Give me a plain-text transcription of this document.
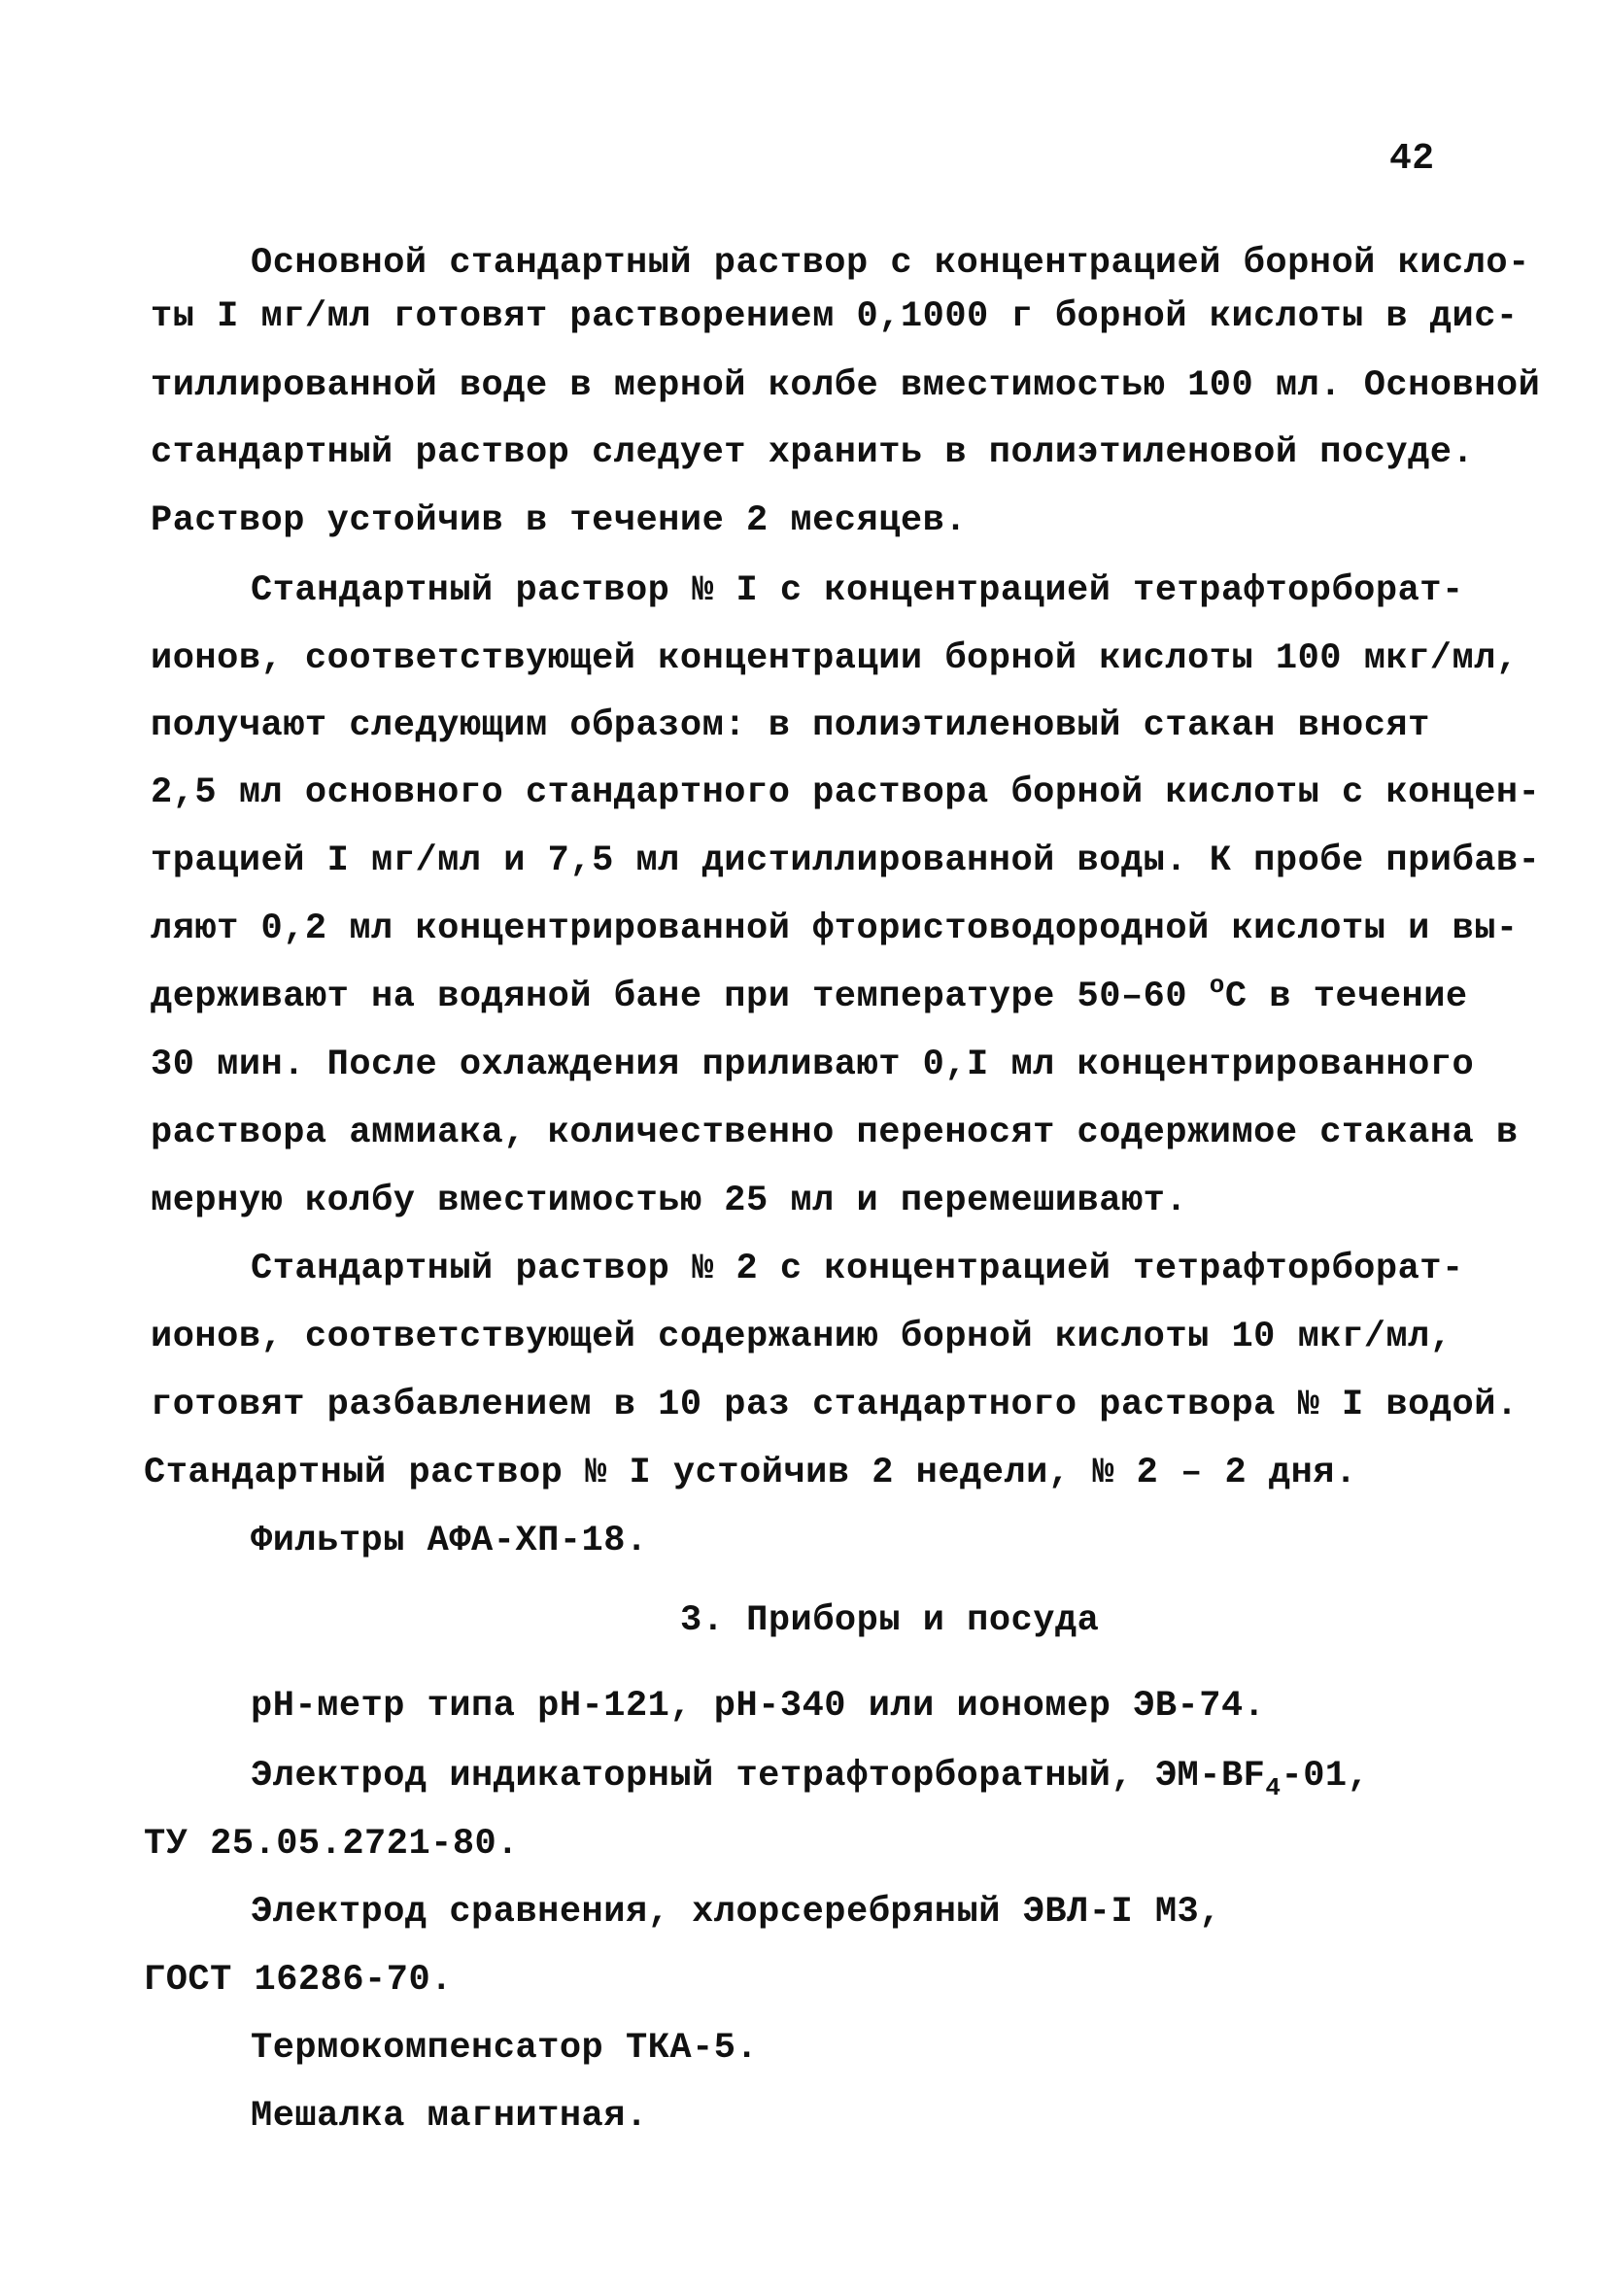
42
Основной стандартный раствор с концентрацией борной кисло-
ты I мг/мл готовят растворением 0,1000 г борной кислоты в дис-
тиллированной воде в мерной колбе вместимостью 100 мл. Основной
стандартный раствор следует хранить в полиэтиленовой посуде.
Раствор устойчив в течение 2 месяцев.
Стандартный раствор № I с концентрацией тетрафторборат-
ионов, соответствующей концентрации борной кислоты 100 мкг/мл,
получают следующим образом: в полиэтиленовый стакан вносят
2,5 мл основного стандартного раствора борной кислоты с концен-
трацией I мг/мл и 7,5 мл дистиллированной воды. К пробе прибав-
ляют 0,2 мл концентрированной фтористоводородной кислоты и вы-
держивают на водяной бане при температуре 50–60 $^о$С в течение
30 мин. После охлаждения приливают 0,I мл концентрированного
раствора аммиака, количественно переносят содержимое стакана в
мерную колбу вместимостью 25 мл и перемешивают.
Стандартный раствор № 2 с концентрацией тетрафторборат-
ионов, соответствующей содержанию борной кислоты 10 мкг/мл,
готовят разбавлением в 10 раз стандартного раствора № I водой.
Стандартный раствор № I устойчив 2 недели, № 2 – 2 дня.
Фильтры АФА-ХП-18.
3. Приборы и посуда
рН-метр типа рН-121, рН-340 или иономер ЭВ-74.
Электрод индикаторный тетрафторборатный, $ЭМ-BF_4-01$,
ТУ 25.05.2721-80.
Электрод сравнения, хлорсеребряный ЭВЛ-I М3,
ГОСТ 16286-70.
Термокомпенсатор ТКА-5.
Мешалка магнитная.
